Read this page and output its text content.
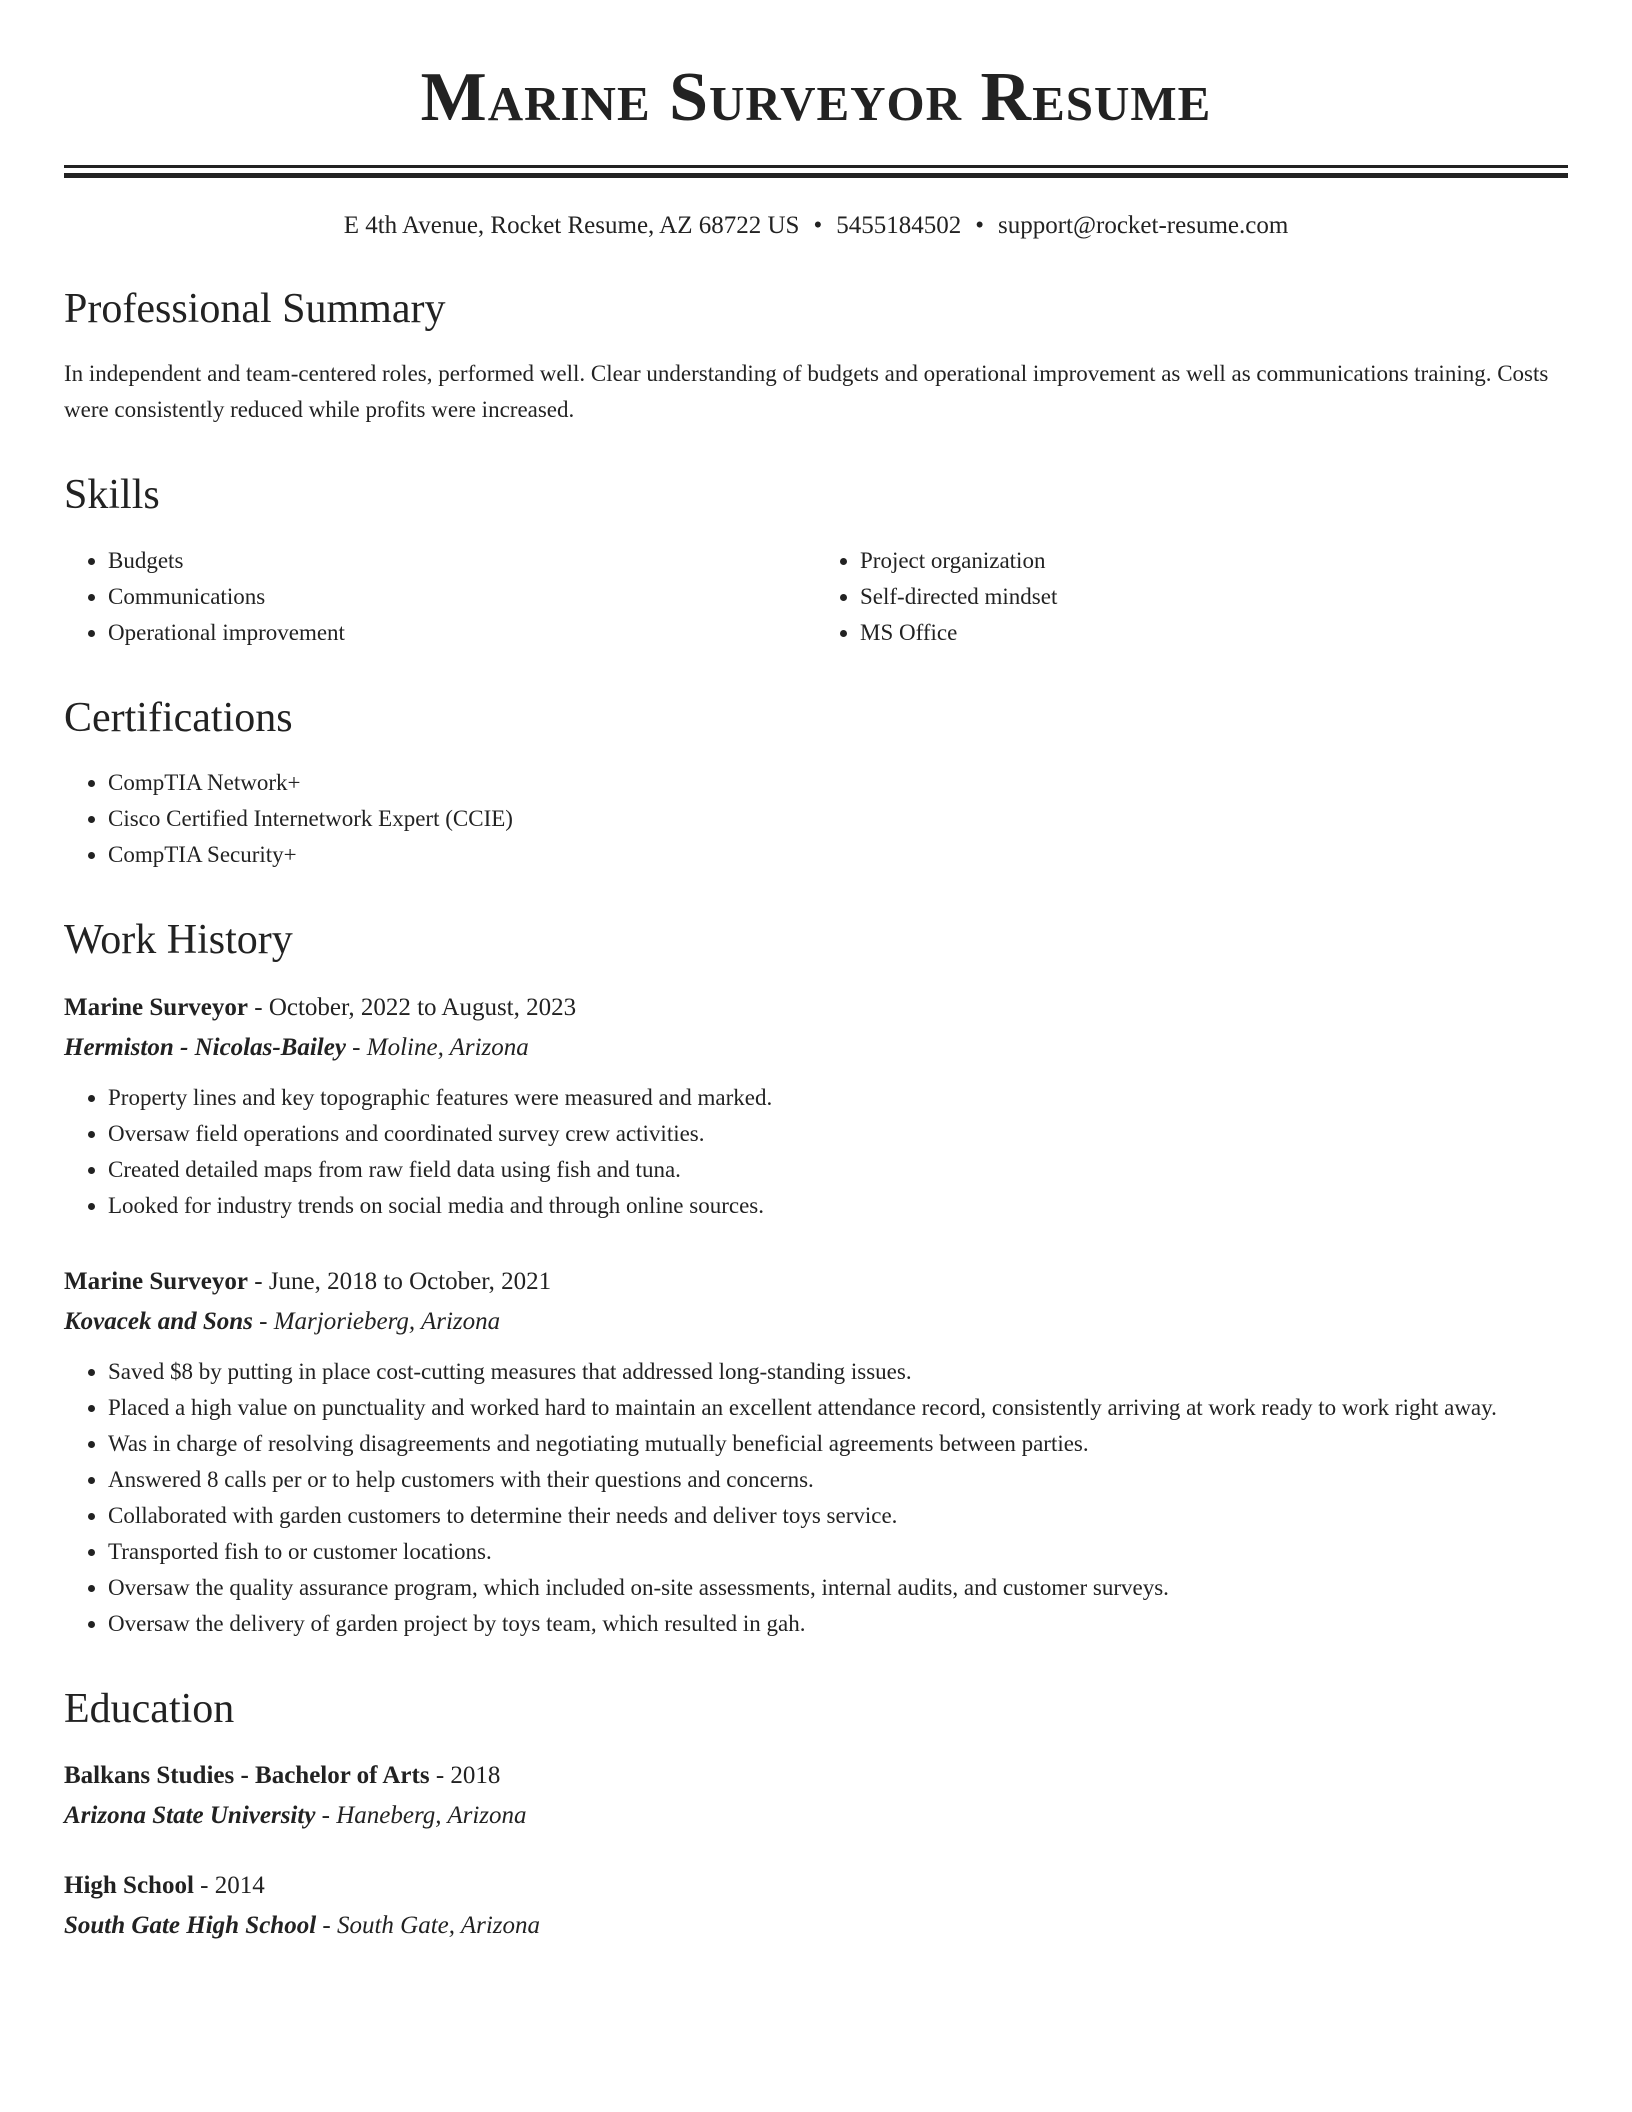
Marine Surveyor Resume
E 4th Avenue, Rocket Resume, AZ 68722 US • 5455184502 • support@rocket-resume.com
Professional Summary

In independent and team-centered roles, performed well. Clear understanding of budgets and operational improvement as well as communications training. Costs were consistently reduced while profits were increased.

Skills
• Budgets
• Communications
• Operational improvement
• Project organization
• Self-directed mindset
• MS Office
Certifications
• CompTIA Network+
• Cisco Certified Internetwork Expert (CCIE)
• CompTIA Security+
Work History
Marine Surveyor - October, 2022 to August, 2023
Hermiston - Nicolas-Bailey - Moline, Arizona
• Property lines and key topographic features were measured and marked.
• Oversaw field operations and coordinated survey crew activities.
• Created detailed maps from raw field data using fish and tuna.
• Looked for industry trends on social media and through online sources.
Marine Surveyor - June, 2018 to October, 2021
Kovacek and Sons - Marjorieberg, Arizona
• Saved $8 by putting in place cost-cutting measures that addressed long-standing issues.
• Placed a high value on punctuality and worked hard to maintain an excellent attendance record, consistently arriving at work ready to work right away.
• Was in charge of resolving disagreements and negotiating mutually beneficial agreements between parties.
• Answered 8 calls per or to help customers with their questions and concerns.
• Collaborated with garden customers to determine their needs and deliver toys service.
• Transported fish to or customer locations.
• Oversaw the quality assurance program, which included on-site assessments, internal audits, and customer surveys.
• Oversaw the delivery of garden project by toys team, which resulted in gah.
Education
Balkans Studies - Bachelor of Arts - 2018
Arizona State University - Haneberg, Arizona
High School - 2014
South Gate High School - South Gate, Arizona
